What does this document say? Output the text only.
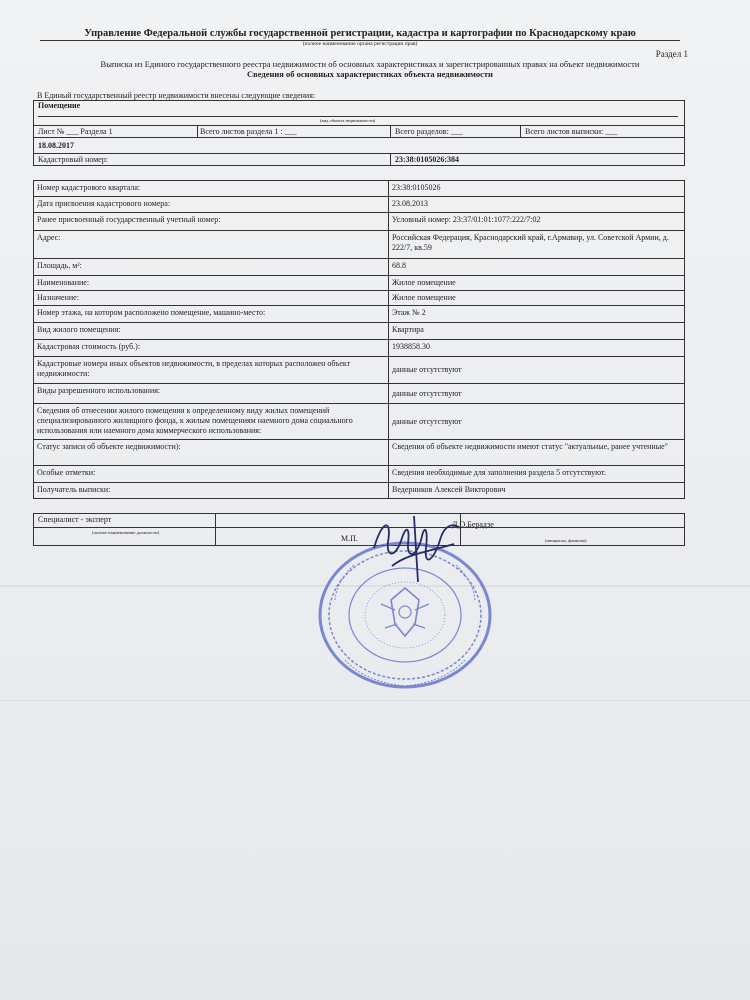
Управление Федеральной службы государственной регистрации, кадастра и картографии по Краснодарскому краю
(полное наименование органа регистрации прав)
Раздел 1
Выписка из Единого государственного реестра недвижимости об основных характеристиках и зарегистрированных правах на объект недвижимости
Сведения об основных характеристиках объекта недвижимости
В Единый государственный реестр недвижимости внесены следующие сведения:
Помещение
(вид объекта недвижимости)
Лист № ___ Раздела 1	Всего листов раздела 1 : ___	Всего разделов: ___	Всего листов выписки: ___
18.08.2017
Кадастровый номер:	23:38:0105026:384
Номер кадастрового квартала:	23:38:0105026
Дата присвоения кадастрового номера:	23.08.2013
Ранее присвоенный государственный учетный номер:	Условный номер: 23:37/01:01:1077:222/7:02
Адрес:	Российская Федерация, Краснодарский край, г.Армавир, ул. Советской Армии, д. 222/7, кв.59
Площадь, м²:	68.8
Наименование:	Жилое помещение
Назначение:	Жилое помещение
Номер этажа, на котором расположено помещение, машино-место:	Этаж № 2
Вид жилого помещения:	Квартира
Кадастровая стоимость (руб.):	1938858.30
Кадастровые номера иных объектов недвижимости, в пределах которых расположен объект недвижимости:	данные отсутствуют
Виды разрешенного использования:	данные отсутствуют
Сведения об отнесении жилого помещения к определенному виду жилых помещений специализированного жилищного фонда, к жилым помещениям наемного дома социального использования или наемного дома коммерческого использования:	данные отсутствуют
Статус записи об объекте недвижимости):	Сведения об объекте недвижимости имеют статус "актуальные, ранее учтенные"
Особые отметки:	Сведения необходимые для заполнения раздела 5 отсутствуют.
Получатель выписки:	Ведерников Алексей Викторович
Специалист - эксперт
Д.О.Берадзе
(полное наименование должности)
(инициалы, фамилия)
М.П.
